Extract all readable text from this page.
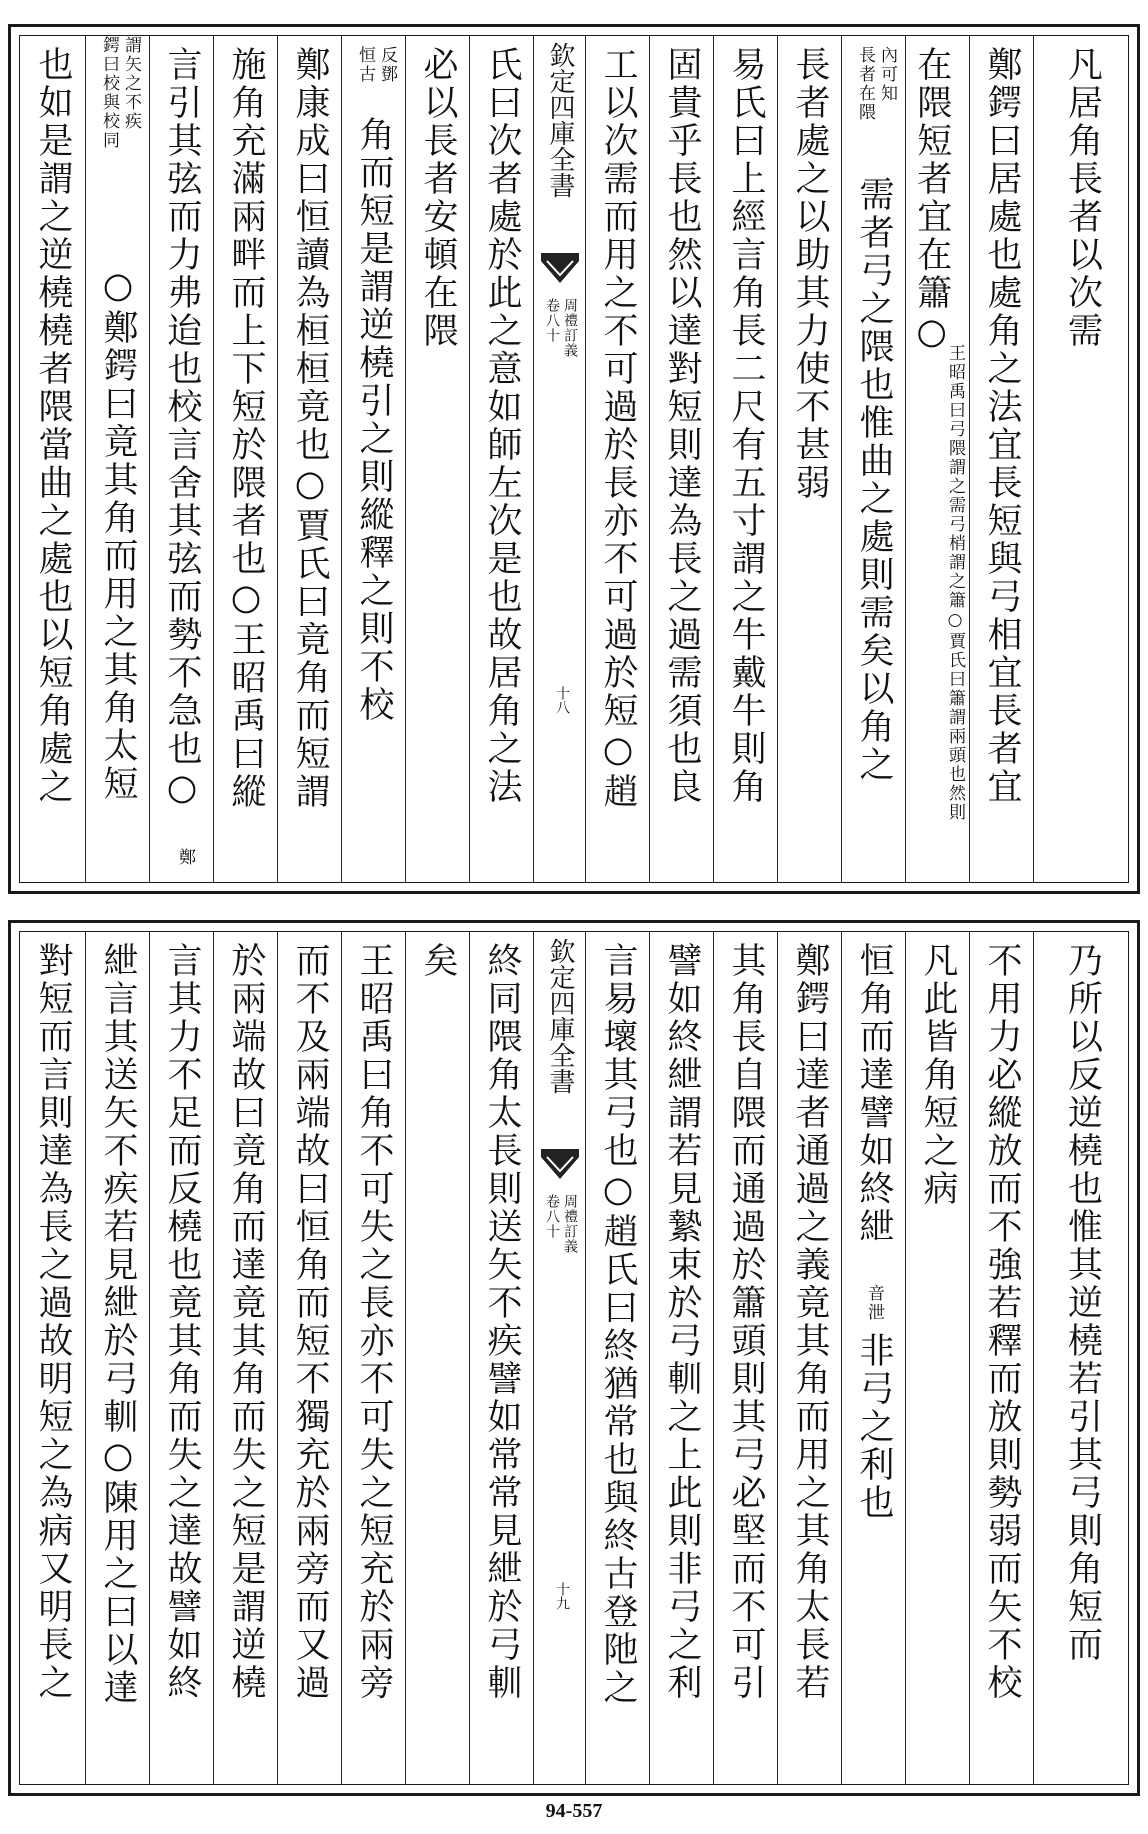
也如是謂之逆橈橈者隈當曲之處也以短角處之 鍔曰校與校同 謂矢之不疾
○鄭鍔曰竟其角而用之其角太短 言引其弦而力弗迨也校言舍其弦而勢不急也○
鄭
施角充滿兩畔而上下短於隈者也○王昭禹曰縱 鄭康成曰恒讀為桓桓竟也○賈氏曰竟角而短謂 恒古 反鄧
角而短是謂逆橈引之則縱釋之則不校 必以長者安頓在隈 氏曰次者處於此之意如師左次是也故居角之法 欽定四庫全書
卷八十 周禮訂義
十八 工以次需而用之不可過於長亦不可過於短○趙 固貴乎長也然以達對短則達為長之過需須也良 易氏曰上經言角長二尺有五寸謂之牛戴牛則角 長者處之以助其力使不甚弱 長者在隈 內可知
需者弓之隈也惟曲之處則需矣以角之 在隈短者宜在簫○
王昭禹曰弓隈謂之需弓梢謂之簫○賈氏曰簫謂兩頭也然則 鄭鍔曰居處也處角之法宜長短與弓相宜長者宜 凡居角長者以次需
對短而言則達為長之過故明短之為病又明長之 紲言其送矢不疾若見紲於弓䡅○陳用之曰以達 言其力不足而反橈也竟其角而失之達故譬如終 於兩端故曰竟角而達竟其角而失之短是謂逆橈 而不及兩端故曰恒角而短不獨充於兩旁而又過 王昭禹曰角不可失之長亦不可失之短充於兩旁 矣 終同隈角太長則送矢不疾譬如常常見紲於弓䡅 欽定四庫全書
卷八十 周禮訂義
十九 言易壞其弓也○趙氏曰終猶常也與終古登阤之 譬如終紲謂若見縶束於弓䡅之上此則非弓之利 其角長自隈而通過於簫頭則其弓必堅而不可引 鄭鍔曰達者通過之義竟其角而用之其角太長若 恒角而達譬如終紲
音泄
非弓之利也
凡此皆角短之病 不用力必縱放而不強若釋而放則勢弱而矢不校 乃所以反逆橈也惟其逆橈若引其弓則角短而
94-557
